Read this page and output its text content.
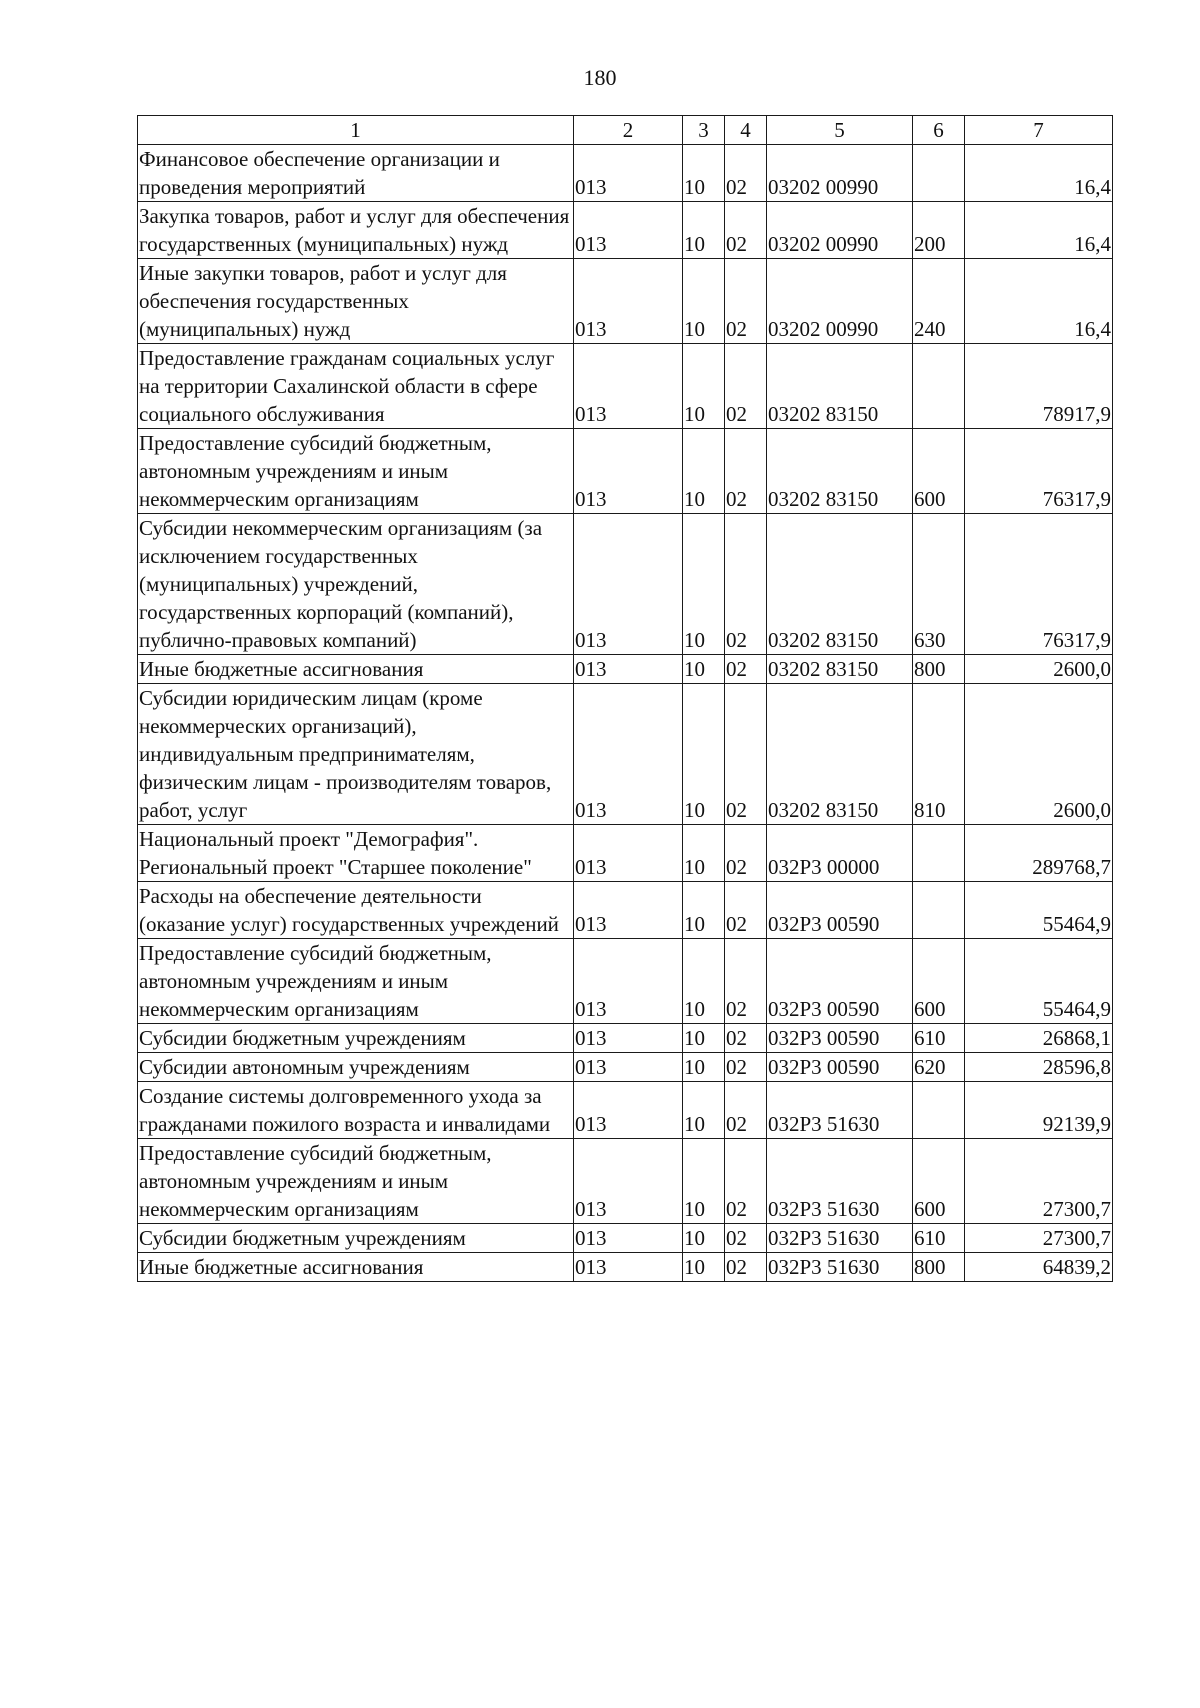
180
1	2	3	4	5	6	7
Финансовое обеспечение организации и проведения мероприятий	013	10	02	03202 00990		16,4
Закупка товаров, работ и услуг для обеспечения государственных (муниципальных) нужд	013	10	02	03202 00990	200	16,4
Иные закупки товаров, работ и услуг для обеспечения государственных (муниципальных) нужд	013	10	02	03202 00990	240	16,4
Предоставление гражданам социальных услуг на территории Сахалинской области в сфере социального обслуживания	013	10	02	03202 83150		78917,9
Предоставление субсидий бюджетным, автономным учреждениям и иным некоммерческим организациям	013	10	02	03202 83150	600	76317,9
Субсидии некоммерческим организациям (за исключением государственных (муниципальных) учреждений, государственных корпораций (компаний), публично-правовых компаний)	013	10	02	03202 83150	630	76317,9
Иные бюджетные ассигнования	013	10	02	03202 83150	800	2600,0
Субсидии юридическим лицам (кроме некоммерческих организаций), индивидуальным предпринимателям, физическим лицам - производителям товаров, работ, услуг	013	10	02	03202 83150	810	2600,0
Национальный проект "Демография". Региональный проект "Старшее поколение"	013	10	02	032P3 00000		289768,7
Расходы на обеспечение деятельности (оказание услуг) государственных учреждений	013	10	02	032P3 00590		55464,9
Предоставление субсидий бюджетным, автономным учреждениям и иным некоммерческим организациям	013	10	02	032P3 00590	600	55464,9
Субсидии бюджетным учреждениям	013	10	02	032P3 00590	610	26868,1
Субсидии автономным учреждениям	013	10	02	032P3 00590	620	28596,8
Создание системы долговременного ухода за гражданами пожилого возраста и инвалидами	013	10	02	032P3 51630		92139,9
Предоставление субсидий бюджетным, автономным учреждениям и иным некоммерческим организациям	013	10	02	032P3 51630	600	27300,7
Субсидии бюджетным учреждениям	013	10	02	032P3 51630	610	27300,7
Иные бюджетные ассигнования	013	10	02	032P3 51630	800	64839,2
